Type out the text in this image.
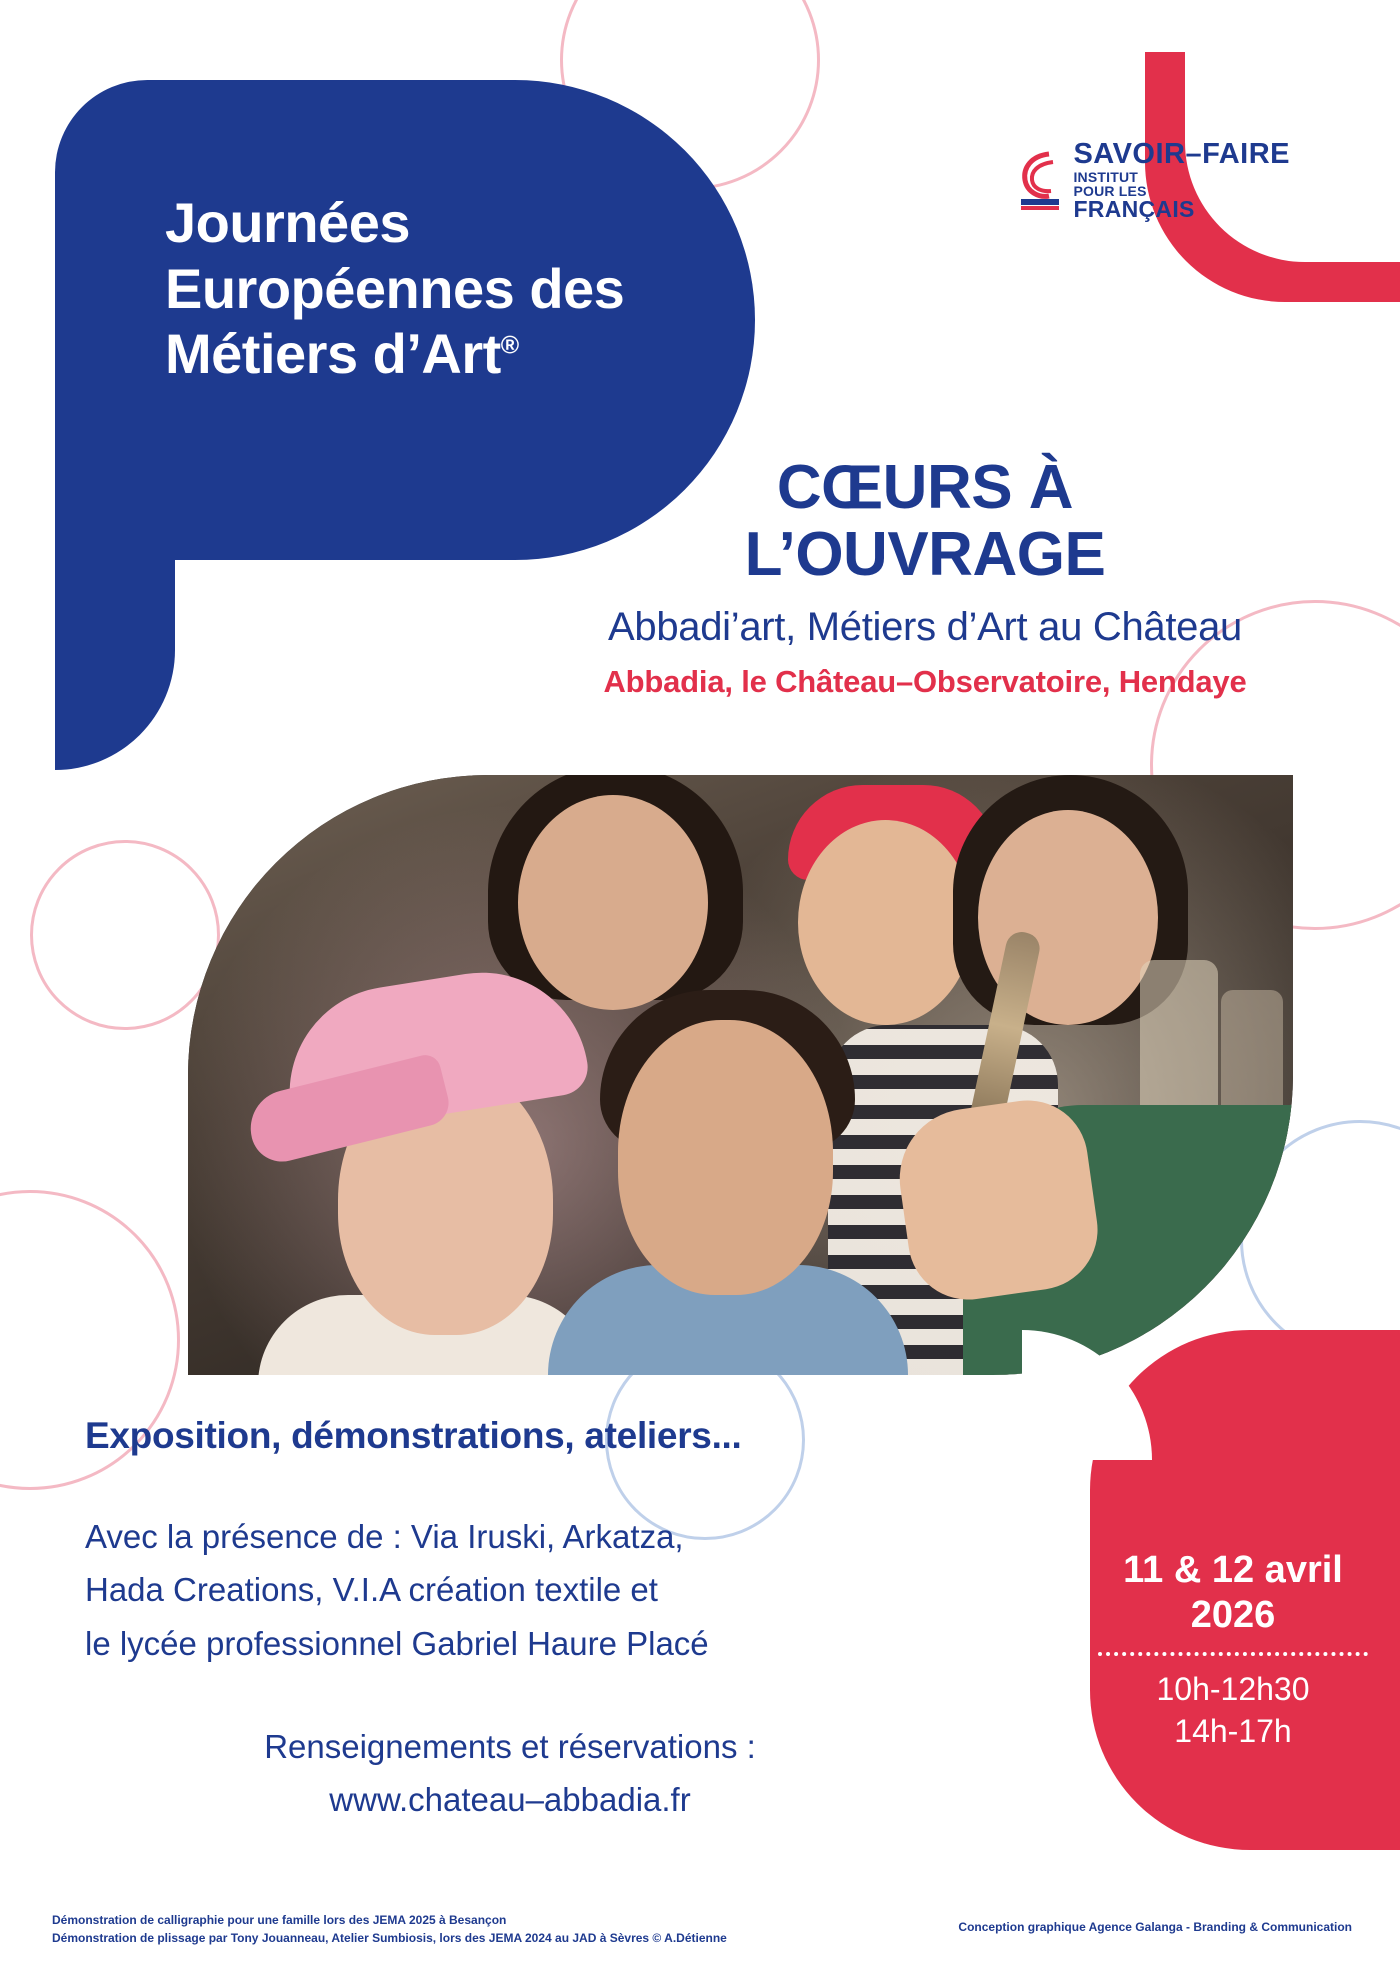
Journées Européennes des Métiers d’Art®
SAVOIR–FAIRE
INSTITUT
POUR LES
FRANÇAIS
CŒURS À
L’OUVRAGE
Abbadi’art, Métiers d’Art au Château
Abbadia, le Château–Observatoire, Hendaye
11 & 12 avril
2026
10h-12h30
14h-17h
Exposition, démonstrations, ateliers...
Avec la présence de : Via Iruski, Arkatza,
Hada Creations, V.I.A création textile et
le lycée professionnel Gabriel Haure Placé
Renseignements et réservations :
www.chateau–abbadia.fr
Démonstration de calligraphie pour une famille lors des JEMA 2025 à Besançon
Démonstration de plissage par Tony Jouanneau, Atelier Sumbiosis, lors des JEMA 2024 au JAD à Sèvres © A.Détienne
Conception graphique Agence Galanga - Branding & Communication
